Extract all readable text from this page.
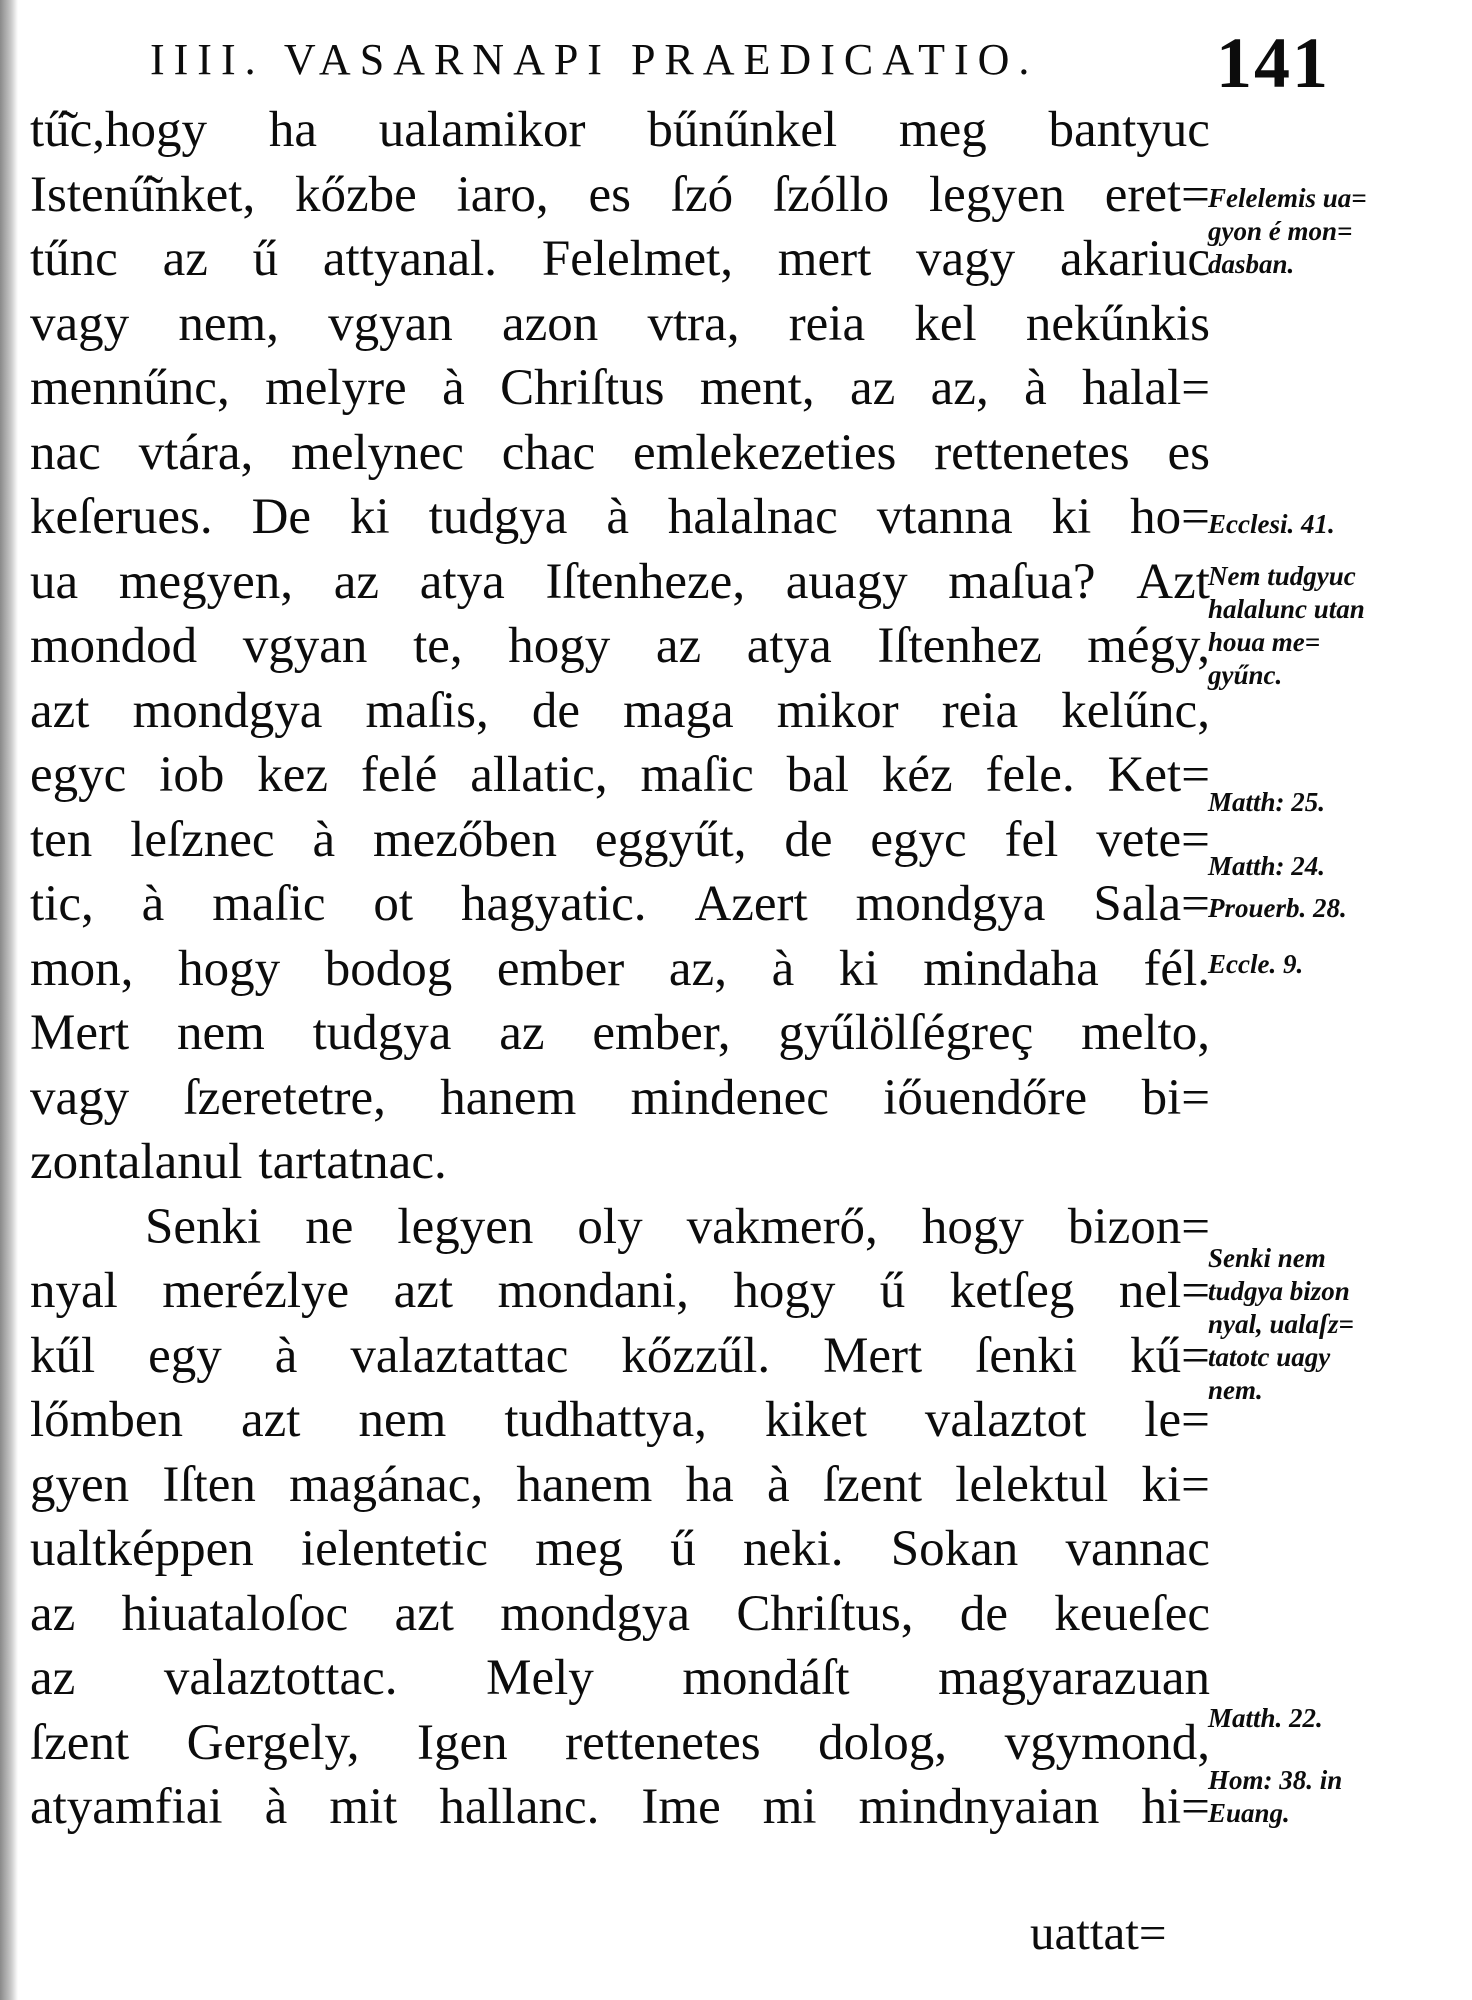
IIII. VASARNAPI PRAEDICATIO. 141
tű͂c,hogy ha ualamikor bűnűnkel meg bantyuc
Istenű͂nket, kőzbe iaro, es ſzó ſzóllo legyen eret=
tűnc az ű attyanal. Felelmet, mert vagy akariuc
vagy nem, vgyan azon vtra, reia kel nekűnkis
mennűnc, melyre à Chriſtus ment, az az, à halal=
nac vtára, melynec chac emlekezeties rettenetes es
keſerues. De ki tudgya à halalnac vtanna ki ho=
ua megyen, az atya Iſtenheze, auagy maſua? Azt
mondod vgyan te, hogy az atya Iſtenhez mégy,
azt mondgya maſis, de maga mikor reia kelűnc,
egyc iob kez felé allatic, maſic bal kéz fele. Ket=
ten leſznec à mezőben eggyűt, de egyc fel vete=
tic, à maſic ot hagyatic. Azert mondgya Sala=
mon, hogy bodog ember az, à ki mindaha fél.
Mert nem tudgya az ember, gyűlölſégreç melto,
vagy ſzeretetre, hanem mindenec iőuendőre bi=
zontalanul tartatnac.
Senki ne legyen oly vakmerő, hogy bizon=
nyal merézlye azt mondani, hogy ű ketſeg nel=
kűl egy à valaztattac kőzzűl. Mert ſenki kű=
lőmben azt nem tudhattya, kiket valaztot le=
gyen Iſten magánac, hanem ha à ſzent lelektul ki=
ualtképpen ielentetic meg ű neki. Sokan vannac
az hiuataloſoc azt mondgya Chriſtus, de keueſec
az valaztottac. Mely mondáſt magyarazuan
ſzent Gergely, Igen rettenetes dolog, vgymond,
atyamfiai à mit hallanc. Ime mi mindnyaian hi=
uattat=
Felelemis ua=
gyon é mon=
dasban.
Ecclesi. 41.
Nem tudgyuc
halalunc utan
houa me=
gyűnc.
Matth: 25.
Matth: 24.
Prouerb. 28.
Eccle. 9.
Senki nem
tudgya bizon
nyal, ualaſz=
tatotc uagy
nem.
Matth. 22.
Hom: 38. in
Euang.
